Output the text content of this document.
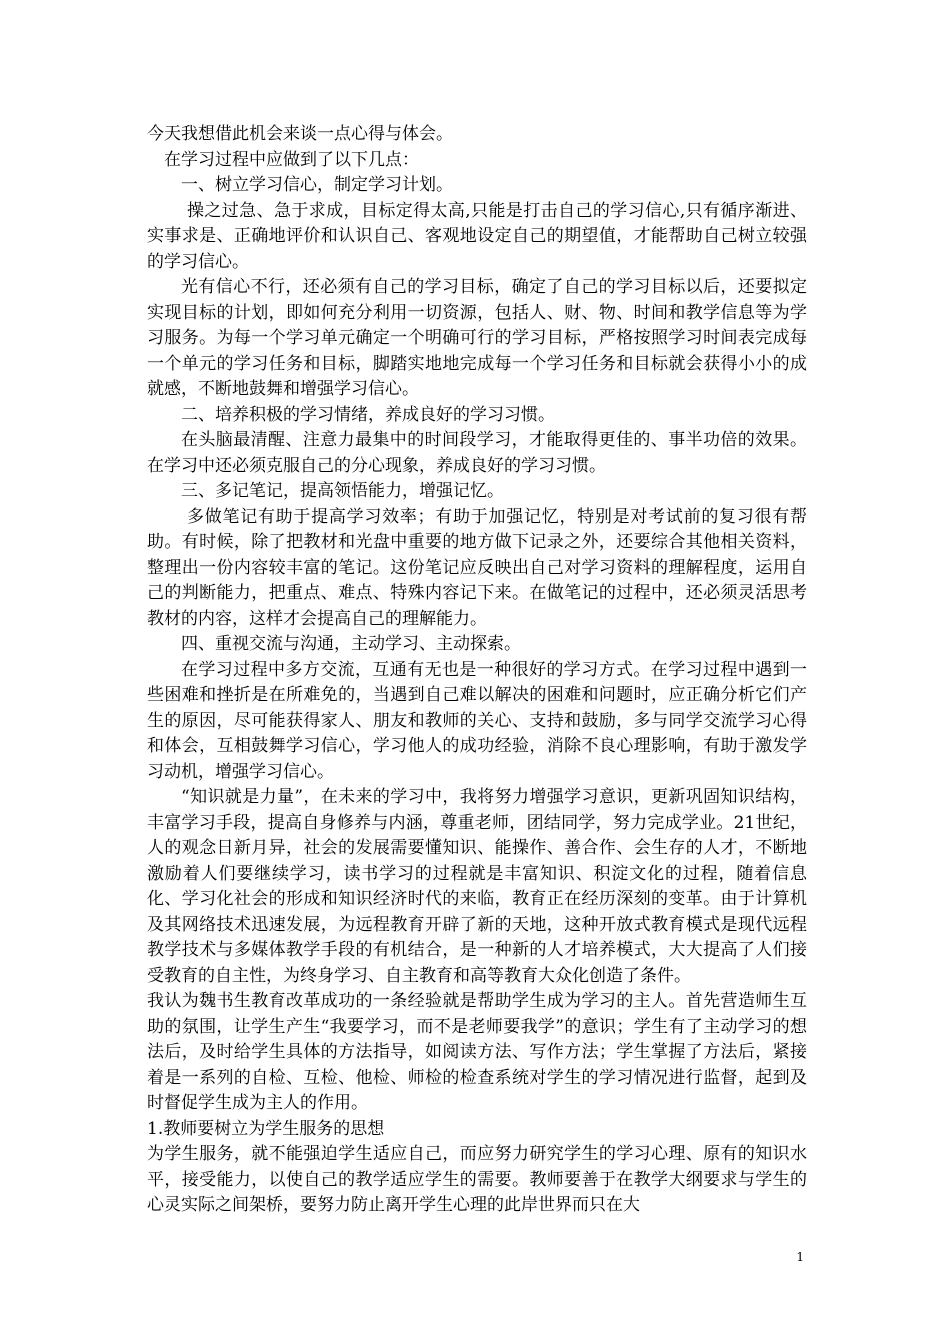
今天我想借此机会来谈一点心得与体会。

在学习过程中应做到了以下几点：

一、树立学习信心，制定学习计划。

操之过急、急于求成，目标定得太高,只能是打击自己的学习信心,只有循序渐进、实事求是、正确地评价和认识自己、客观地设定自己的期望值，才能帮助自己树立较强的学习信心。

光有信心不行，还必须有自己的学习目标，确定了自己的学习目标以后，还要拟定实现目标的计划，即如何充分利用一切资源，包括人、财、物、时间和教学信息等为学习服务。为每一个学习单元确定一个明确可行的学习目标，严格按照学习时间表完成每一个单元的学习任务和目标，脚踏实地地完成每一个学习任务和目标就会获得小小的成就感，不断地鼓舞和增强学习信心。

二、培养积极的学习情绪，养成良好的学习习惯。

在头脑最清醒、注意力最集中的时间段学习，才能取得更佳的、事半功倍的效果。在学习中还必须克服自己的分心现象，养成良好的学习习惯。

三、多记笔记，提高领悟能力，增强记忆。

多做笔记有助于提高学习效率；有助于加强记忆，特别是对考试前的复习很有帮助。有时候，除了把教材和光盘中重要的地方做下记录之外，还要综合其他相关资料，整理出一份内容较丰富的笔记。这份笔记应反映出自己对学习资料的理解程度，运用自己的判断能力，把重点、难点、特殊内容记下来。在做笔记的过程中，还必须灵活思考教材的内容，这样才会提高自己的理解能力。

四、重视交流与沟通，主动学习、主动探索。

在学习过程中多方交流，互通有无也是一种很好的学习方式。在学习过程中遇到一些困难和挫折是在所难免的，当遇到自己难以解决的困难和问题时，应正确分析它们产生的原因，尽可能获得家人、朋友和教师的关心、支持和鼓励，多与同学交流学习心得和体会，互相鼓舞学习信心，学习他人的成功经验，消除不良心理影响，有助于激发学习动机，增强学习信心。

“知识就是力量”，在未来的学习中，我将努力增强学习意识，更新巩固知识结构，丰富学习手段，提高自身修养与内涵，尊重老师，团结同学，努力完成学业。21世纪，人的观念日新月异，社会的发展需要懂知识、能操作、善合作、会生存的人才，不断地激励着人们要继续学习，读书学习的过程就是丰富知识、积淀文化的过程，随着信息化、学习化社会的形成和知识经济时代的来临，教育正在经历深刻的变革。由于计算机及其网络技术迅速发展，为远程教育开辟了新的天地，这种开放式教育模式是现代远程教学技术与多媒体教学手段的有机结合，是一种新的人才培养模式，大大提高了人们接受教育的自主性，为终身学习、自主教育和高等教育大众化创造了条件。

我认为魏书生教育改革成功的一条经验就是帮助学生成为学习的主人。首先营造师生互助的氛围，让学生产生“我要学习，而不是老师要我学”的意识；学生有了主动学习的想法后，及时给学生具体的方法指导，如阅读方法、写作方法；学生掌握了方法后，紧接着是一系列的自检、互检、他检、师检的检查系统对学生的学习情况进行监督，起到及时督促学生成为主人的作用。

1.教师要树立为学生服务的思想

为学生服务，就不能强迫学生适应自己，而应努力研究学生的学习心理、原有的知识水平，接受能力，以使自己的教学适应学生的需要。教师要善于在教学大纲要求与学生的心灵实际之间架桥，要努力防止离开学生心理的此岸世界而只在大

1
